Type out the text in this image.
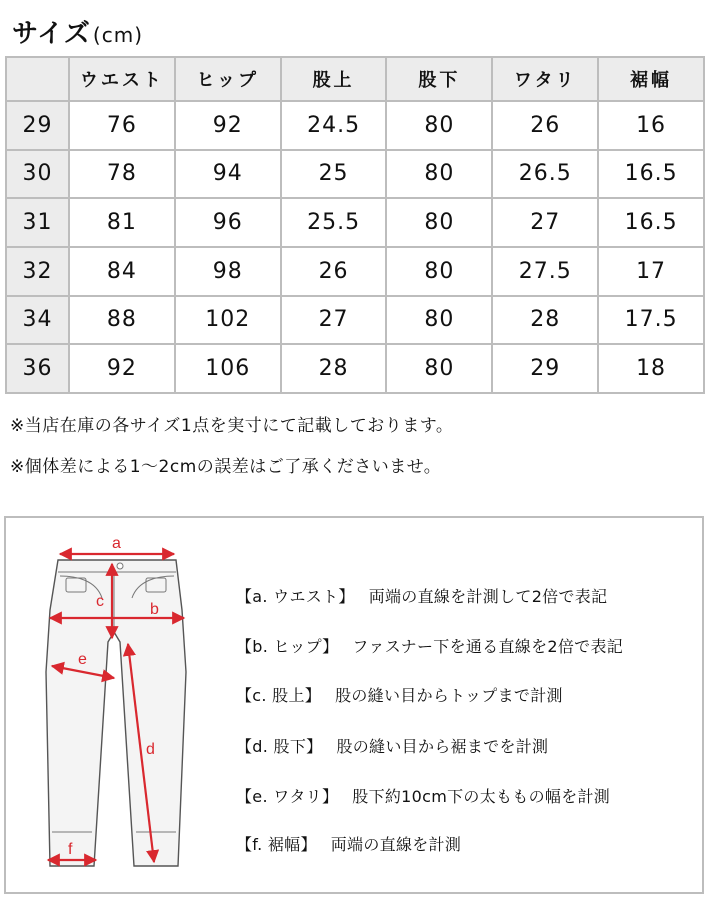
サイズ (cm)
	ウエスト	ヒップ	股上	股下	ワタリ	裾幅
29	76	92	24.5	80	26	16
30	78	94	25	80	26.5	16.5
31	81	96	25.5	80	27	16.5
32	84	98	26	80	27.5	17
34	88	102	27	80	28	17.5
36	92	106	28	80	29	18
※当店在庫の各サイズ1点を実寸にて記載しております。
※個体差による1〜2cmの誤差はご了承くださいませ。
a
b
c
d
e
f
【a. ウエスト】 両端の直線を計測して2倍で表記
【b. ヒップ】 ファスナー下を通る直線を2倍で表記
【c. 股上】 股の縫い目からトップまで計測
【d. 股下】 股の縫い目から裾までを計測
【e. ワタリ】 股下約10cm下の太ももの幅を計測
【f. 裾幅】 両端の直線を計測
